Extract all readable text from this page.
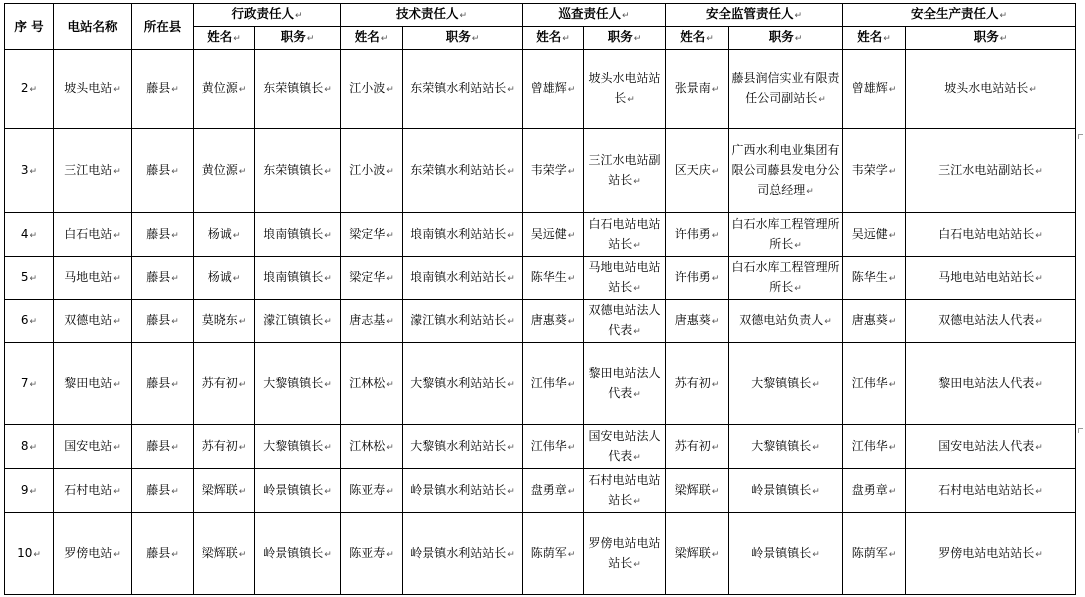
序 号	电站名称	所在县	行政责任人↵		技术责任人↵		巡查责任人↵		安全监管责任人↵		安全生产责任人↵	
			姓名↵	职务↵	姓名↵	职务↵	姓名↵	职务↵	姓名↵	职务↵	姓名↵	职务↵
2↵	坡头电站↵	藤县↵	黄位源↵	东荣镇镇长↵	江小波↵	东荣镇水利站站长↵	曾雄辉↵	坡头水电站站长↵	张景南↵	藤县润信实业有限责任公司副站长↵	曾雄辉↵	坡头水电站站长↵
3↵	三江电站↵	藤县↵	黄位源↵	东荣镇镇长↵	江小波↵	东荣镇水利站站长↵	韦荣学↵	三江水电站副站长↵	区天庆↵	广西水利电业集团有限公司藤县发电分公司总经理↵	韦荣学↵	三江水电站副站长↵
4↵	白石电站↵	藤县↵	杨诚↵	埌南镇镇长↵	梁定华↵	埌南镇水利站站长↵	吴远健↵	白石电站电站站长↵	许伟勇↵	白石水库工程管理所所长↵	吴远健↵	白石电站电站站长↵
5↵	马地电站↵	藤县↵	杨诚↵	埌南镇镇长↵	梁定华↵	埌南镇水利站站长↵	陈华生↵	马地电站电站站长↵	许伟勇↵	白石水库工程管理所所长↵	陈华生↵	马地电站电站站长↵
6↵	双德电站↵	藤县↵	莫晓东↵	濛江镇镇长↵	唐志基↵	濛江镇水利站站长↵	唐惠葵↵	双德电站法人代表↵	唐惠葵↵	双德电站负责人↵	唐惠葵↵	双德电站法人代表↵
7↵	黎田电站↵	藤县↵	苏有初↵	大黎镇镇长↵	江林松↵	大黎镇水利站站长↵	江伟华↵	黎田电站法人代表↵	苏有初↵	大黎镇镇长↵	江伟华↵	黎田电站法人代表↵
8↵	国安电站↵	藤县↵	苏有初↵	大黎镇镇长↵	江林松↵	大黎镇水利站站长↵	江伟华↵	国安电站法人代表↵	苏有初↵	大黎镇镇长↵	江伟华↵	国安电站法人代表↵
9↵	石村电站↵	藤县↵	梁辉联↵	岭景镇镇长↵	陈亚寿↵	岭景镇水利站站长↵	盘勇章↵	石村电站电站站长↵	梁辉联↵	岭景镇镇长↵	盘勇章↵	石村电站电站站长↵
10↵	罗傍电站↵	藤县↵	梁辉联↵	岭景镇镇长↵	陈亚寿↵	岭景镇水利站站长↵	陈荫军↵	罗傍电站电站站长↵	梁辉联↵	岭景镇镇长↵	陈荫军↵	罗傍电站电站站长↵
